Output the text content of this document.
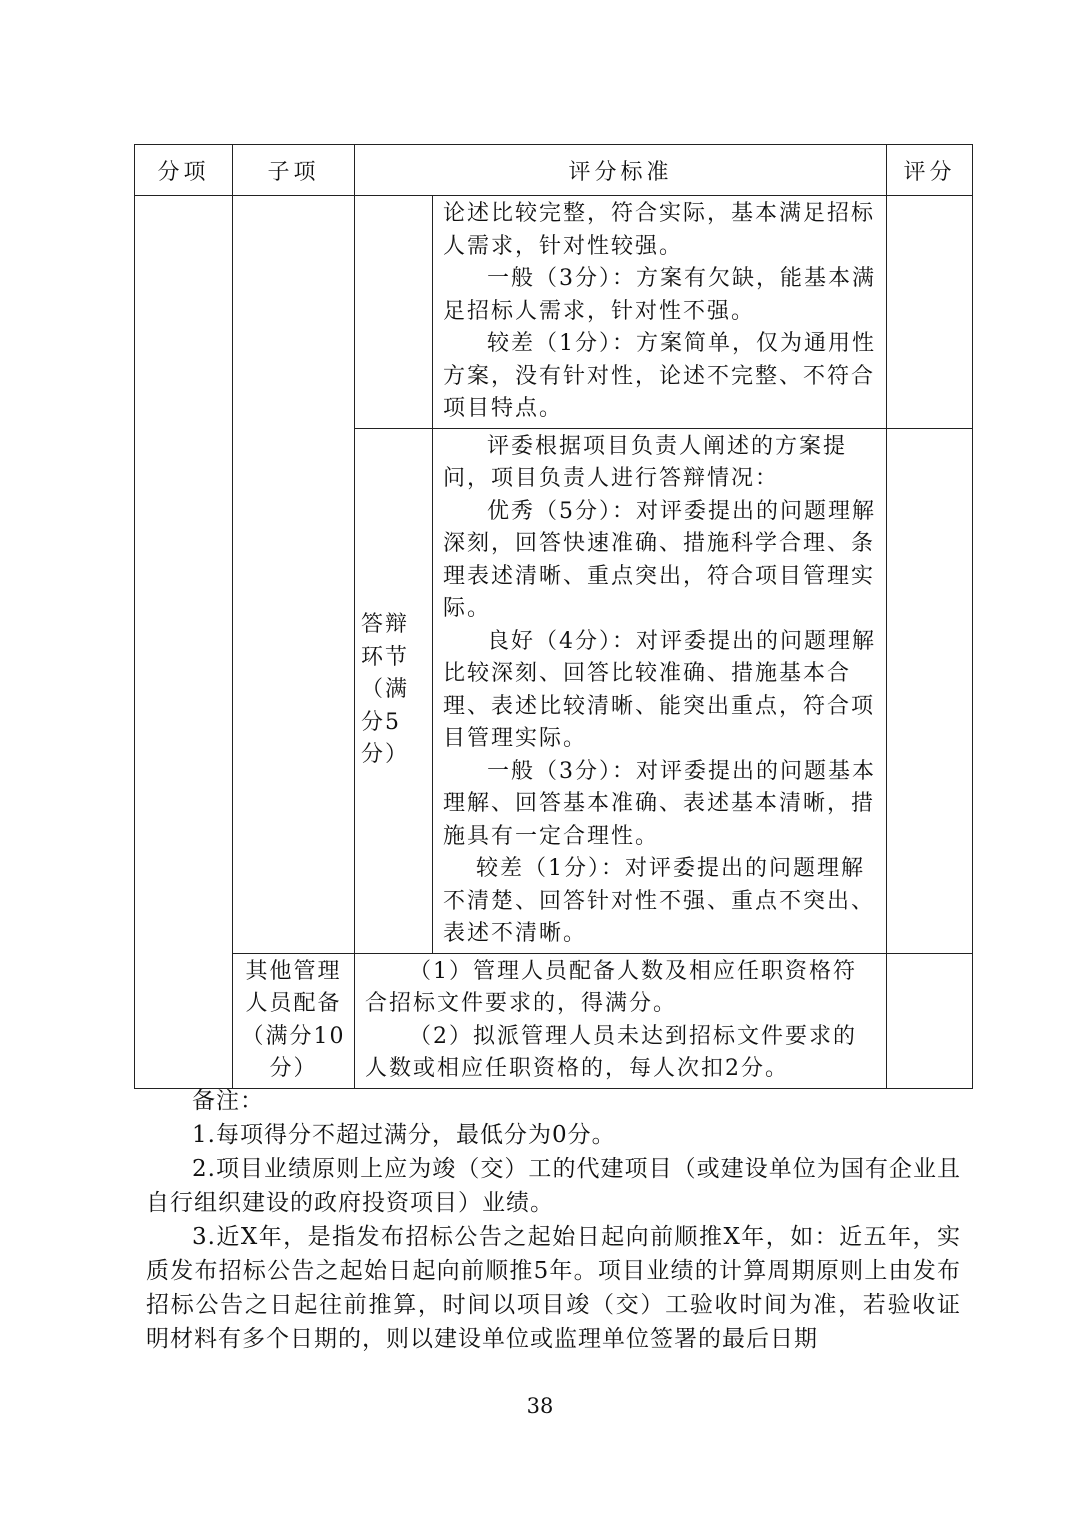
分项	子项	评分标准		评分

			论述比较完整，符合实际，基本满足招标人需求，针对性较强。

一般（3分）：方案有欠缺，能基本满足招标人需求，针对性不强。

较差（1分）：方案简单，仅为通用性方案，没有针对性，论述不完整、不符合项目特点。	

		答辩环节（满分5分）	评委根据项目负责人阐述的方案提问，项目负责人进行答辩情况：

优秀（5分）：对评委提出的问题理解深刻，回答快速准确、措施科学合理、条理表述清晰、重点突出，符合项目管理实际。

良好（4分）：对评委提出的问题理解比较深刻、回答比较准确、措施基本合理、表述比较清晰、能突出重点，符合项目管理实际。

一般（3分）：对评委提出的问题基本理解、回答基本准确、表述基本清晰，措施具有一定合理性。

较差（1分）：对评委提出的问题理解不清楚、回答针对性不强、重点不突出、表述不清晰。	

	其他管理人员配备（满分10分）	（1）管理人员配备人数及相应任职资格符合招标文件要求的，得满分。

（2）拟派管理人员未达到招标文件要求的人数或相应任职资格的，每人次扣2分。		

备注：

1.每项得分不超过满分，最低分为0分。

2.项目业绩原则上应为竣（交）工的代建项目（或建设单位为国有企业且自行组织建设的政府投资项目）业绩。

3.近X年，是指发布招标公告之起始日起向前顺推X年，如：近五年，实质发布招标公告之起始日起向前顺推5年。项目业绩的计算周期原则上由发布招标公告之日起往前推算，时间以项目竣（交）工验收时间为准，若验收证明材料有多个日期的，则以建设单位或监理单位签署的最后日期

38
